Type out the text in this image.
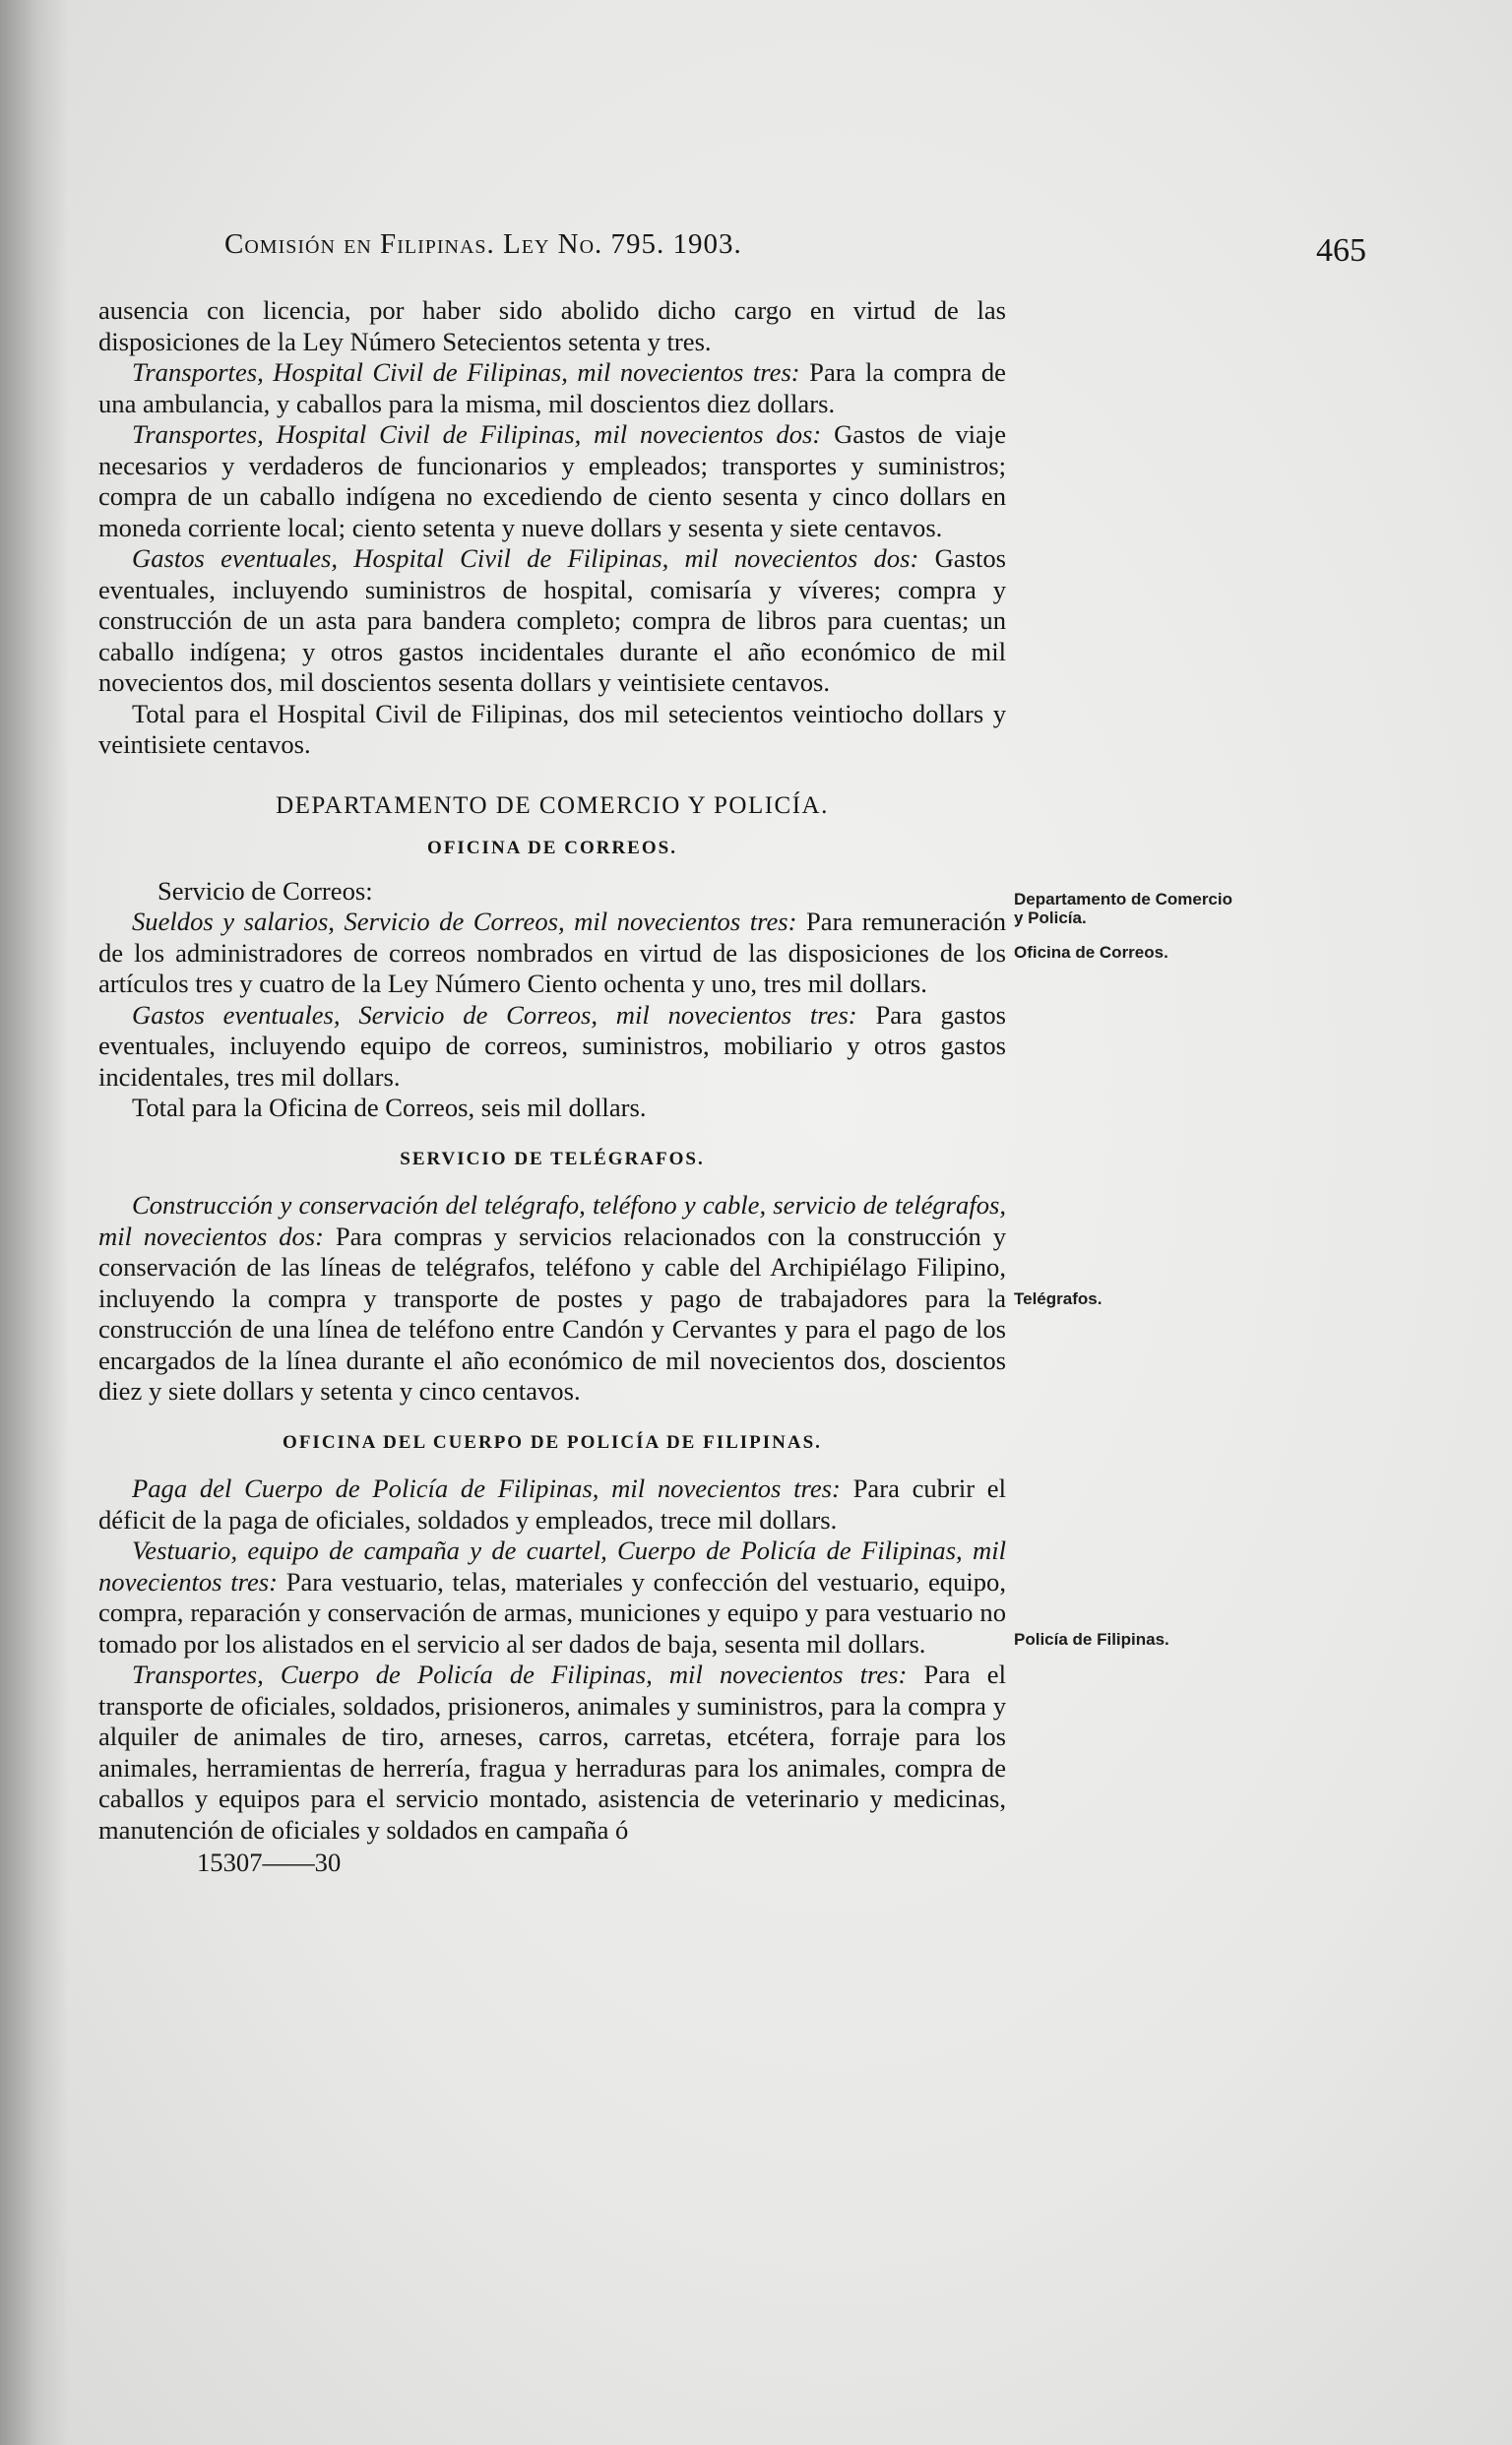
Comisión en Filipinas. Ley No. 795. 1903.	465

ausencia con licencia, por haber sido abolido dicho cargo en virtud de las disposiciones de la Ley Número Setecientos setenta y tres.

Transportes, Hospital Civil de Filipinas, mil novecientos tres: Para la compra de una ambulancia, y caballos para la misma, mil doscientos diez dollars.

Transportes, Hospital Civil de Filipinas, mil novecientos dos: Gastos de viaje necesarios y verdaderos de funcionarios y empleados; transportes y suministros; compra de un caballo indígena no excediendo de ciento sesenta y cinco dollars en moneda corriente local; ciento setenta y nueve dollars y sesenta y siete centavos.

Gastos eventuales, Hospital Civil de Filipinas, mil novecientos dos: Gastos eventuales, incluyendo suministros de hospital, comisaría y víveres; compra y construcción de un asta para bandera completo; compra de libros para cuentas; un caballo indígena; y otros gastos incidentales durante el año económico de mil novecientos dos, mil doscientos sesenta dollars y veintisiete centavos.

Total para el Hospital Civil de Filipinas, dos mil setecientos veintiocho dollars y veintisiete centavos.

DEPARTAMENTO DE COMERCIO Y POLICÍA.

OFICINA DE CORREOS.

Servicio de Correos:

Sueldos y salarios, Servicio de Correos, mil novecientos tres: Para remuneración de los administradores de correos nombrados en virtud de las disposiciones de los artículos tres y cuatro de la Ley Número Ciento ochenta y uno, tres mil dollars.

Gastos eventuales, Servicio de Correos, mil novecientos tres: Para gastos eventuales, incluyendo equipo de correos, suministros, mobiliario y otros gastos incidentales, tres mil dollars.

Total para la Oficina de Correos, seis mil dollars.

SERVICIO DE TELÉGRAFOS.

Construcción y conservación del telégrafo, teléfono y cable, servicio de telégrafos, mil novecientos dos: Para compras y servicios relacionados con la construcción y conservación de las líneas de telégrafos, teléfono y cable del Archipiélago Filipino, incluyendo la compra y transporte de postes y pago de trabajadores para la construcción de una línea de teléfono entre Candón y Cervantes y para el pago de los encargados de la línea durante el año económico de mil novecientos dos, doscientos diez y siete dollars y setenta y cinco centavos.

OFICINA DEL CUERPO DE POLICÍA DE FILIPINAS.

Paga del Cuerpo de Policía de Filipinas, mil novecientos tres: Para cubrir el déficit de la paga de oficiales, soldados y empleados, trece mil dollars.

Vestuario, equipo de campaña y de cuartel, Cuerpo de Policía de Filipinas, mil novecientos tres: Para vestuario, telas, materiales y confección del vestuario, equipo, compra, reparación y conservación de armas, municiones y equipo y para vestuario no tomado por los alistados en el servicio al ser dados de baja, sesenta mil dollars.

Transportes, Cuerpo de Policía de Filipinas, mil novecientos tres: Para el transporte de oficiales, soldados, prisioneros, animales y suministros, para la compra y alquiler de animales de tiro, arneses, carros, carretas, etcétera, forraje para los animales, herramientas de herrería, fragua y herraduras para los animales, compra de caballos y equipos para el servicio montado, asistencia de veterinario y medicinas, manutención de oficiales y soldados en campaña ó

15307——30

Departamento de Comercio y Policía.
Oficina de Correos.
Telégrafos.
Policía de Filipinas.
